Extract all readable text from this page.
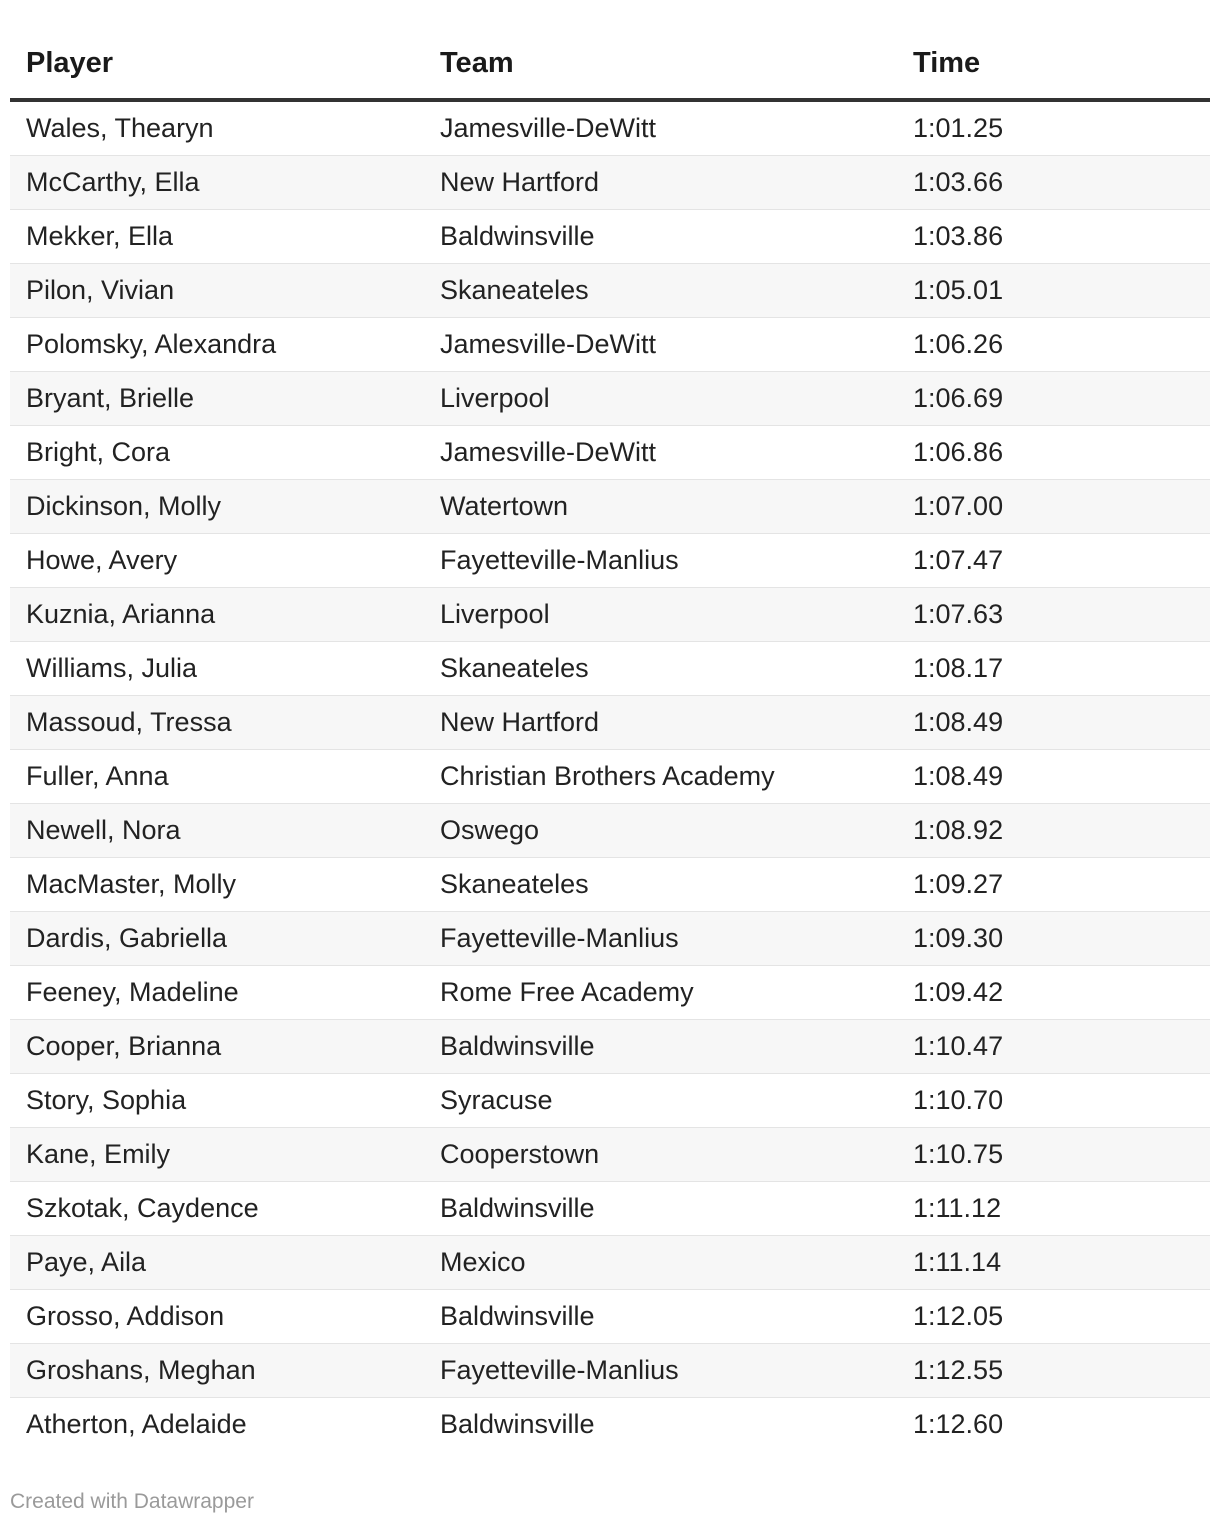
Player	Team	Time
Wales, Thearyn	Jamesville-DeWitt	1:01.25
McCarthy, Ella	New Hartford	1:03.66
Mekker, Ella	Baldwinsville	1:03.86
Pilon, Vivian	Skaneateles	1:05.01
Polomsky, Alexandra	Jamesville-DeWitt	1:06.26
Bryant, Brielle	Liverpool	1:06.69
Bright, Cora	Jamesville-DeWitt	1:06.86
Dickinson, Molly	Watertown	1:07.00
Howe, Avery	Fayetteville-Manlius	1:07.47
Kuznia, Arianna	Liverpool	1:07.63
Williams, Julia	Skaneateles	1:08.17
Massoud, Tressa	New Hartford	1:08.49
Fuller, Anna	Christian Brothers Academy	1:08.49
Newell, Nora	Oswego	1:08.92
MacMaster, Molly	Skaneateles	1:09.27
Dardis, Gabriella	Fayetteville-Manlius	1:09.30
Feeney, Madeline	Rome Free Academy	1:09.42
Cooper, Brianna	Baldwinsville	1:10.47
Story, Sophia	Syracuse	1:10.70
Kane, Emily	Cooperstown	1:10.75
Szkotak, Caydence	Baldwinsville	1:11.12
Paye, Aila	Mexico	1:11.14
Grosso, Addison	Baldwinsville	1:12.05
Groshans, Meghan	Fayetteville-Manlius	1:12.55
Atherton, Adelaide	Baldwinsville	1:12.60
Created with Datawrapper
